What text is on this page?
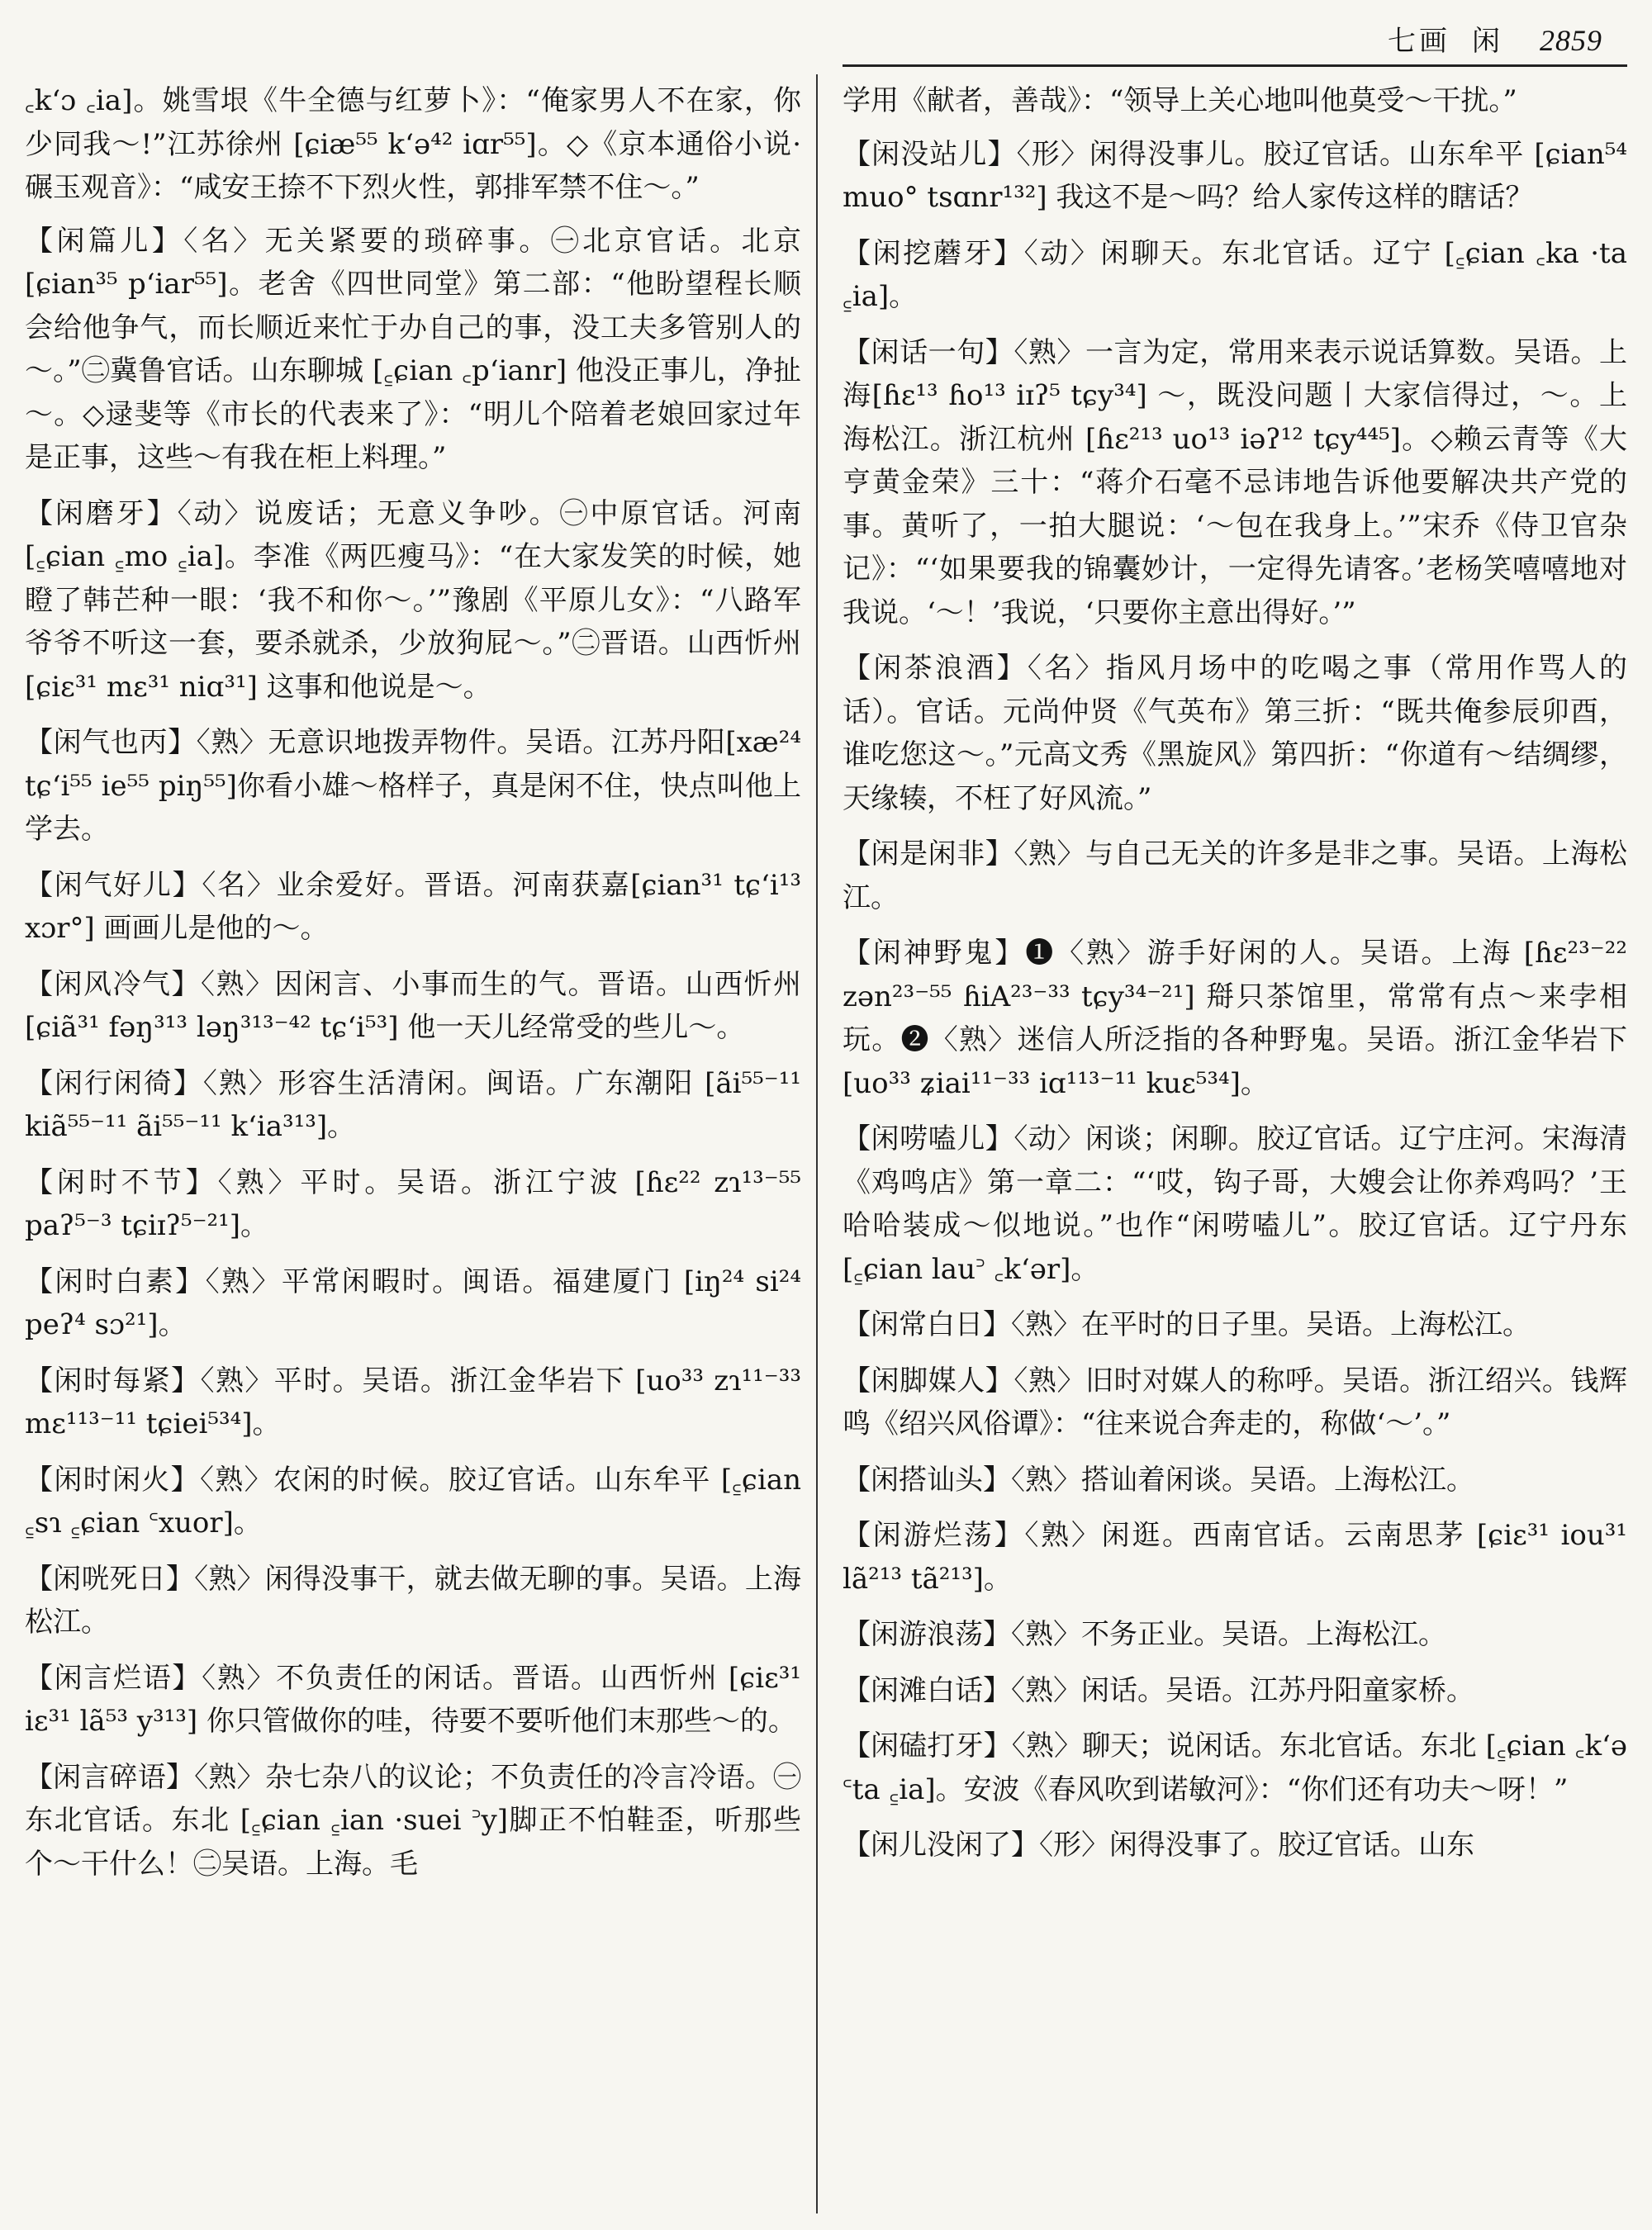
七画 闲 2859

꜀k‘ɔ ꜀ia]。姚雪垠《牛全德与红萝卜》：“俺家男人不在家，你少同我～!”江苏徐州 [ɕiæ⁵⁵ k‘ə⁴² iɑr⁵⁵]。◇《京本通俗小说·碾玉观音》：“咸安王捺不下烈火性，郭排军禁不住～。”

【闲篇儿】〈名〉无关紧要的琐碎事。㊀北京官话。北京 [ɕian³⁵ p‘iar⁵⁵]。老舍《四世同堂》第二部：“他盼望程长顺会给他争气，而长顺近来忙于办自己的事，没工夫多管别人的～。”㊁冀鲁官话。山东聊城 [꜁ɕian ꜀p‘ianr] 他没正事儿，净扯～。◇逯斐等《市长的代表来了》：“明儿个陪着老娘回家过年是正事，这些～有我在柜上料理。”

【闲磨牙】〈动〉说废话；无意义争吵。㊀中原官话。河南 [꜁ɕian ꜁mo ꜁ia]。李准《两匹瘦马》：“在大家发笑的时候，她瞪了韩芒种一眼：‘我不和你～。’”豫剧《平原儿女》：“八路军爷爷不听这一套，要杀就杀，少放狗屁～。”㊁晋语。山西忻州 [ɕiɛ³¹ mɛ³¹ niɑ³¹] 这事和他说是～。

【闲气也丙】〈熟〉无意识地拨弄物件。吴语。江苏丹阳[xæ²⁴ tɕ‘i⁵⁵ ie⁵⁵ piŋ⁵⁵]你看小雄～格样子，真是闲不住，快点叫他上学去。

【闲气好儿】〈名〉业余爱好。晋语。河南获嘉[ɕian³¹ tɕ‘i¹³ xɔr°] 画画儿是他的～。

【闲风冷气】〈熟〉因闲言、小事而生的气。晋语。山西忻州 [ɕiã³¹ fəŋ³¹³ ləŋ³¹³⁻⁴² tɕ‘i⁵³] 他一天儿经常受的些儿～。

【闲行闲徛】〈熟〉形容生活清闲。闽语。广东潮阳 [ãi⁵⁵⁻¹¹ kiã⁵⁵⁻¹¹ ãi⁵⁵⁻¹¹ k‘ia³¹³]。

【闲时不节】〈熟〉平时。吴语。浙江宁波 [ɦɛ²² zɿ¹³⁻⁵⁵ paʔ⁵⁻³ tɕiɪʔ⁵⁻²¹]。

【闲时白素】〈熟〉平常闲暇时。闽语。福建厦门 [iŋ²⁴ si²⁴ peʔ⁴ sɔ²¹]。

【闲时每紧】〈熟〉平时。吴语。浙江金华岩下 [uo³³ zɿ¹¹⁻³³ mɛ¹¹³⁻¹¹ tɕiei⁵³⁴]。

【闲时闲火】〈熟〉农闲的时候。胶辽官话。山东牟平 [꜁ɕian ꜁sɿ ꜁ɕian ꜂xuor]。

【闲咣死日】〈熟〉闲得没事干，就去做无聊的事。吴语。上海松江。

【闲言烂语】〈熟〉不负责任的闲话。晋语。山西忻州 [ɕiɛ³¹ iɛ³¹ lã⁵³ y³¹³] 你只管做你的哇，待要不要听他们末那些～的。

【闲言碎语】〈熟〉杂七杂八的议论；不负责任的冷言冷语。㊀东北官话。东北 [꜁ɕian ꜁ian ·suei ꜄y]脚正不怕鞋歪，听那些个～干什么！㊁吴语。上海。毛

学用《献者，善哉》：“领导上关心地叫他莫受～干扰。”

【闲没站儿】〈形〉闲得没事儿。胶辽官话。山东牟平 [ɕian⁵⁴ muo° tsɑnr¹³²] 我这不是～吗？给人家传这样的瞎话？

【闲挖蘑牙】〈动〉闲聊天。东北官话。辽宁 [꜁ɕian ꜀ka ·ta ꜁ia]。

【闲话一句】〈熟〉一言为定，常用来表示说话算数。吴语。上海[ɦɛ¹³ ɦo¹³ iɪʔ⁵ tɕy³⁴] ～，既没问题丨大家信得过，～。上海松江。浙江杭州 [ɦɛ²¹³ uo¹³ iəʔ¹² tɕy⁴⁴⁵]。◇赖云青等《大亨黄金荣》三十：“蒋介石毫不忌讳地告诉他要解决共产党的事。黄听了，一拍大腿说：‘～包在我身上。’”宋乔《侍卫官杂记》：“‘如果要我的锦囊妙计，一定得先请客。’老杨笑嘻嘻地对我说。‘～！’我说，‘只要你主意出得好。’”

【闲茶浪酒】〈名〉指风月场中的吃喝之事（常用作骂人的话）。官话。元尚仲贤《气英布》第三折：“既共俺参辰卯酉，谁吃您这～。”元高文秀《黑旋风》第四折：“你道有～结绸缪，天缘辏，不枉了好风流。”

【闲是闲非】〈熟〉与自己无关的许多是非之事。吴语。上海松江。

【闲神野鬼】❶〈熟〉游手好闲的人。吴语。上海 [ɦɛ²³⁻²² zən²³⁻⁵⁵ ɦiA²³⁻³³ tɕy³⁴⁻²¹] 搿只茶馆里，常常有点～来孛相玩。❷〈熟〉迷信人所泛指的各种野鬼。吴语。浙江金华岩下 [uo³³ ʑiai¹¹⁻³³ iɑ¹¹³⁻¹¹ kuɛ⁵³⁴]。

【闲唠嗑儿】〈动〉闲谈；闲聊。胶辽官话。辽宁庄河。宋海清《鸡鸣店》第一章二：“‘哎，钩子哥，大嫂会让你养鸡吗？’王哈哈装成～似地说。”也作“闲唠嗑儿”。胶辽官话。辽宁丹东 [꜁ɕian lau꜄ ꜀k‘ər]。

【闲常白日】〈熟〉在平时的日子里。吴语。上海松江。

【闲脚媒人】〈熟〉旧时对媒人的称呼。吴语。浙江绍兴。钱辉鸣《绍兴风俗谭》：“往来说合奔走的，称做‘～’。”

【闲搭讪头】〈熟〉搭讪着闲谈。吴语。上海松江。

【闲游烂荡】〈熟〉闲逛。西南官话。云南思茅 [ɕiɛ³¹ iou³¹ lã²¹³ tã²¹³]。

【闲游浪荡】〈熟〉不务正业。吴语。上海松江。

【闲滩白话】〈熟〉闲话。吴语。江苏丹阳童家桥。

【闲磕打牙】〈熟〉聊天；说闲话。东北官话。东北 [꜁ɕian ꜀k‘ə ꜂ta ꜁ia]。安波《春风吹到诺敏河》：“你们还有功夫～呀！”

【闲儿没闲了】〈形〉闲得没事了。胶辽官话。山东
